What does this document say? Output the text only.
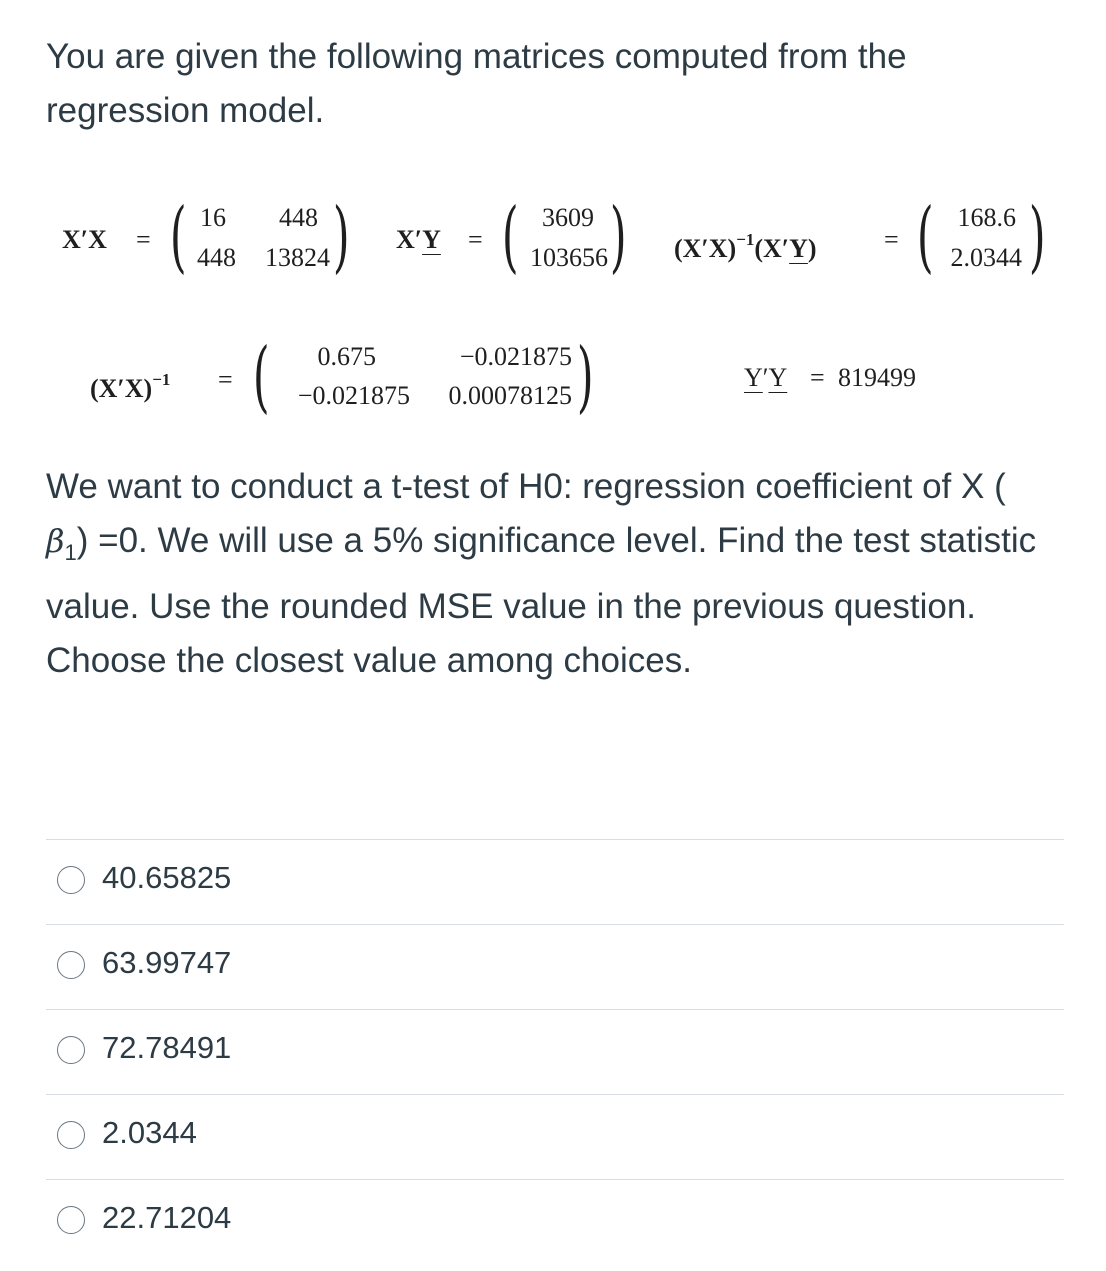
You are given the following matrices computed from the regression model.
X′X = ( 16	448
448	13824 ) X′Y = ( 3609
103656 ) $(X'X)^{-1}(X'Y)$	= ( 168.6
2.0344 )
$(X'X)^{-1}$ = (	0.675	−0.021875
−0.021875	0.00078125 )	Y′Y = 819499
We want to conduct a t-test of H0: regression coefficient of X (
$\beta_1) =0$. We will use a 5% significance level. Find the test statistic value. Use the rounded MSE value in the previous question. Choose the closest value among choices.
40.65825
63.99747
72.78491
2.0344
22.71204
